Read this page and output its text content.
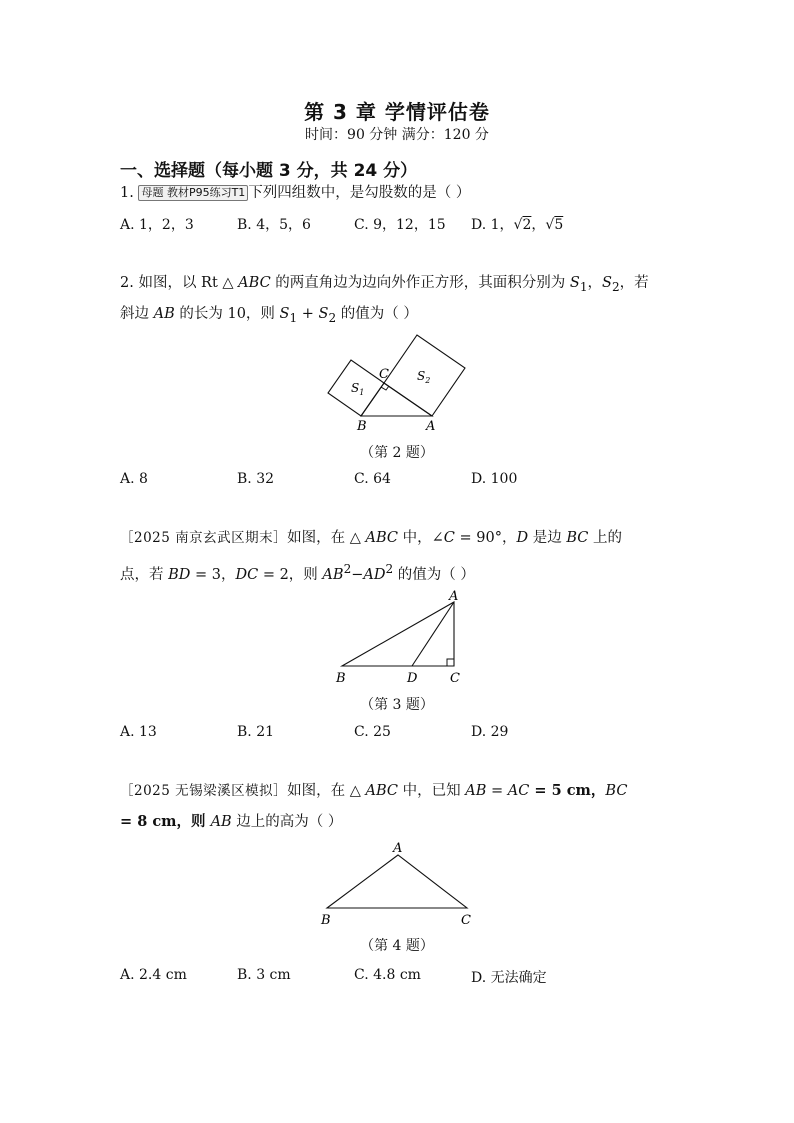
第 3 章 学情评估卷
时间：90 分钟 满分：120 分
一、选择题（每小题 3 分，共 24 分）
1. 母题 教材P95练习T1 下列四组数中，是勾股数的是（ ）
A. 1，2，3	B. 4，5，6	C. 9，12，15 D. 1，√2，√5
2. 如图，以 Rt △ ABC 的两直角边为边向外作正方形，其面积分别为 $S_1$，$S_2$，若
斜边 AB 的长为 10，则 $S_1 + S_2$ 的值为（ ）
$S_1$
$S_2$
C
B	A
（第 2 题）
A. 8	B. 32	C. 64	D. 100
［2025 南京玄武区期末］如图，在 △ ABC 中，∠C = 90°，D 是边 BC 上的
点，若 BD = 3，DC = 2，则 $AB^2-AD^2$ 的值为（ ）
A
B	D	C
（第 3 题）
A. 13	B. 21	C. 25	D. 29
［2025 无锡梁溪区模拟］如图，在 △ ABC 中，已知 AB = AC = 5 cm，BC
= 8 cm，则 AB 边上的高为（ ）
A
B	C
（第 4 题）
A. 2.4 cm	B. 3 cm	C. 4.8 cm	D. 无法确定
